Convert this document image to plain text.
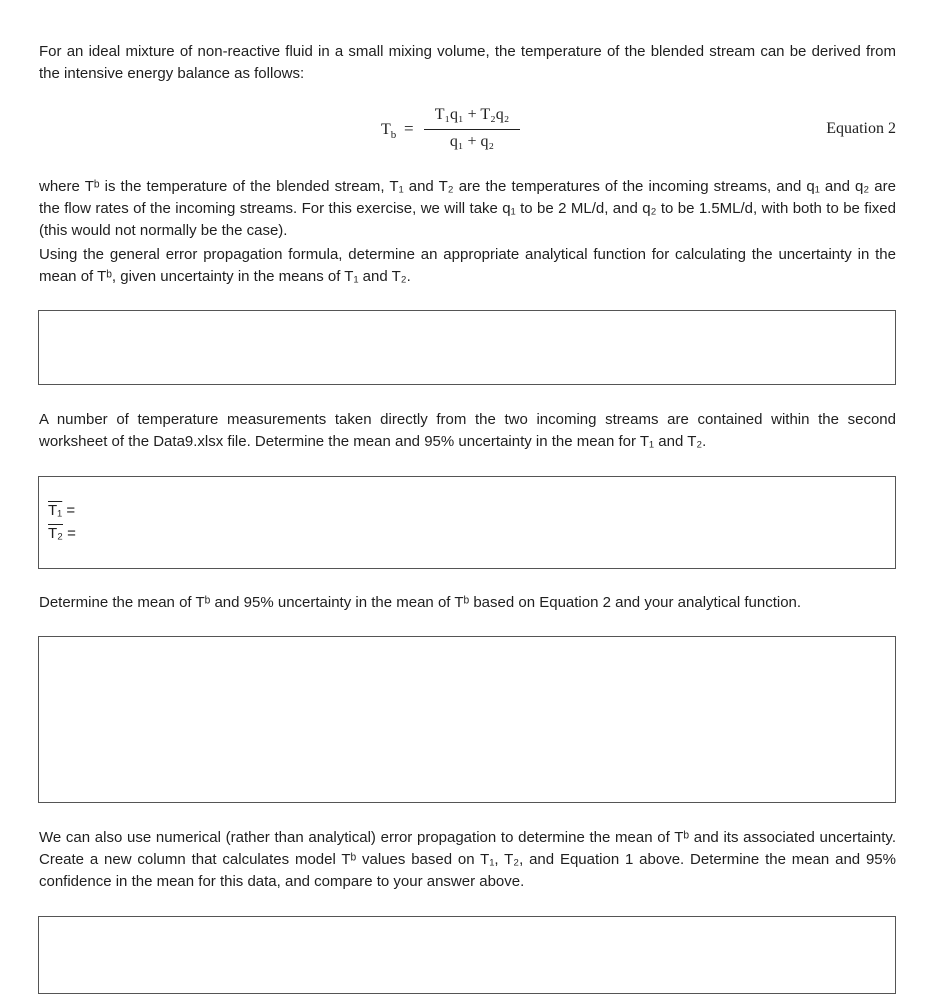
For an ideal mixture of non-reactive fluid in a small mixing volume, the temperature of the blended stream can be derived from the intensive energy balance as follows:

$T_b$ =
T₁q₁ + T₂q₂
q₁ + q₂
Equation 2

where Tᵇ is the temperature of the blended stream, T₁ and T₂ are the temperatures of the incoming streams, and q₁ and q₂ are the flow rates of the incoming streams. For this exercise, we will take q₁ to be 2 ML/d, and q₂ to be 1.5ML/d, with both to be fixed (this would not normally be the case).

Using the general error propagation formula, determine an appropriate analytical function for calculating the uncertainty in the mean of Tᵇ, given uncertainty in the means of T₁ and T₂.

A number of temperature measurements taken directly from the two incoming streams are contained within the second worksheet of the Data9.xlsx file. Determine the mean and 95% uncertainty in the mean for T₁ and T₂.

T₁ =
T₂ =

Determine the mean of Tᵇ and 95% uncertainty in the mean of Tᵇ based on Equation 2 and your analytical function.

We can also use numerical (rather than analytical) error propagation to determine the mean of Tᵇ and its associated uncertainty. Create a new column that calculates model Tᵇ values based on T₁, T₂, and Equation 1 above. Determine the mean and 95% confidence in the mean for this data, and compare to your answer above.
